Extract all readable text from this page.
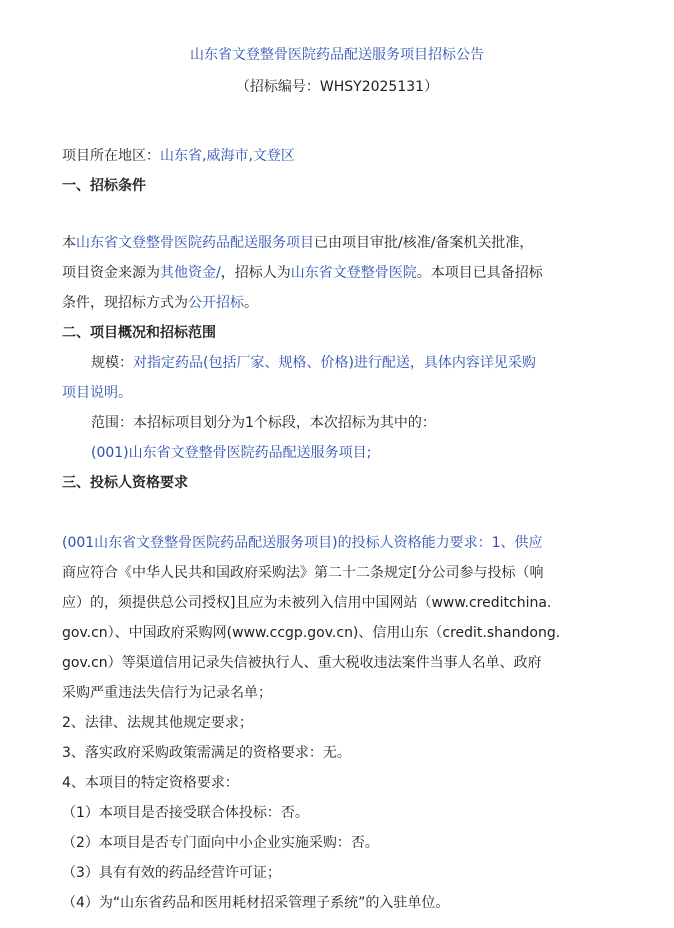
山东省文登整骨医院药品配送服务项目招标公告
（招标编号：WHSY2025131）
项目所在地区：山东省,威海市,文登区
一、招标条件
本山东省文登整骨医院药品配送服务项目已由项目审批/核准/备案机关批准，
项目资金来源为其他资金/，招标人为山东省文登整骨医院。本项目已具备招标
条件，现招标方式为公开招标。
二、项目概况和招标范围
规模：对指定药品(包括厂家、规格、价格)进行配送，具体内容详见采购
项目说明。
范围：本招标项目划分为1个标段，本次招标为其中的：
(001)山东省文登整骨医院药品配送服务项目;
三、投标人资格要求
(001山东省文登整骨医院药品配送服务项目)的投标人资格能力要求：1、供应
商应符合《中华人民共和国政府采购法》第二十二条规定[分公司参与投标（响
应）的，须提供总公司授权]且应为未被列入信用中国网站（www.creditchina.
gov.cn）、中国政府采购网(www.ccgp.gov.cn)、信用山东（credit.shandong.
gov.cn）等渠道信用记录失信被执行人、重大税收违法案件当事人名单、政府
采购严重违法失信行为记录名单；
2、法律、法规其他规定要求；
3、落实政府采购政策需满足的资格要求：无。
4、本项目的特定资格要求：
（1）本项目是否接受联合体投标：否。
（2）本项目是否专门面向中小企业实施采购：否。
（3）具有有效的药品经营许可证；
（4）为“山东省药品和医用耗材招采管理子系统”的入驻单位。
